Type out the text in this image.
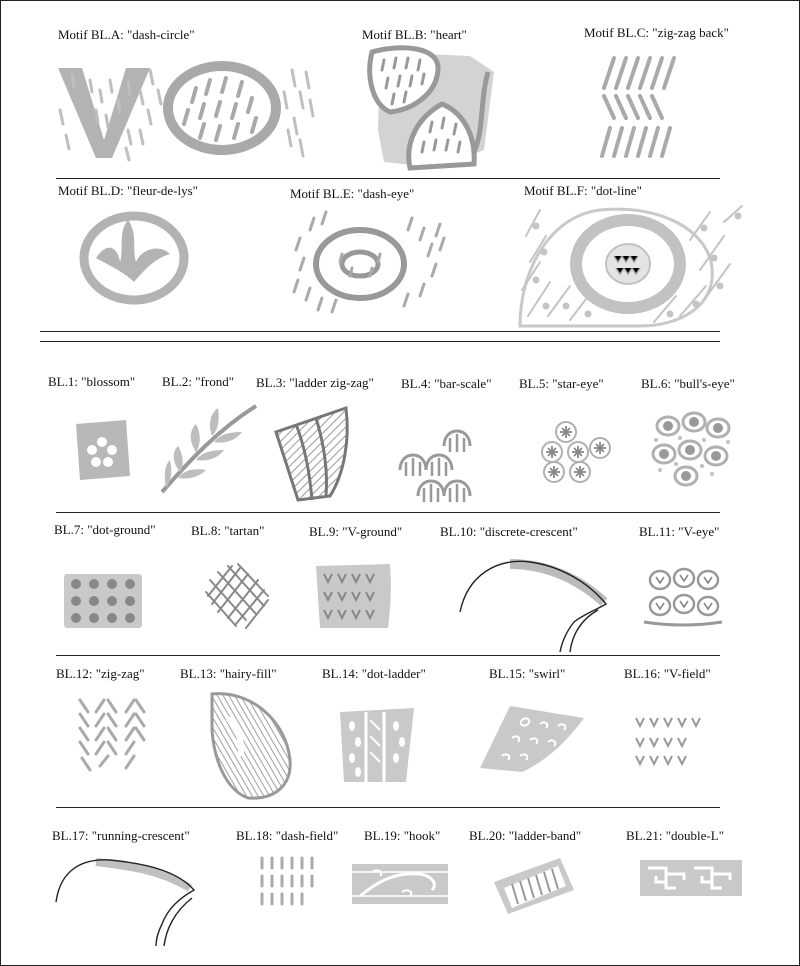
Motif BL.A: "dash-circle"	Motif BL.B: "heart"	Motif BL.C: "zig-zag back"
Motif BL.D: "fleur-de-lys"	Motif BL.E: "dash-eye"	Motif BL.F: "dot-line"
BL.1: "blossom" BL.2: "frond" BL.3: "ladder zig-zag" BL.4: "bar-scale" BL.5: "star-eye"	BL.6: "bull's-eye"
BL.7: "dot-ground"	BL.8: "tartan"	BL.9: "V-ground"	BL.10: "discrete-crescent"	BL.11: "V-eye"
BL.12: "zig-zag"	BL.13: "hairy-fill"	BL.14: "dot-ladder"	BL.15: "swirl"	BL.16: "V-field"
BL.17: "running-crescent"	BL.18: "dash-field" BL.19: "hook" BL.20: "ladder-band"	BL.21: "double-L"
